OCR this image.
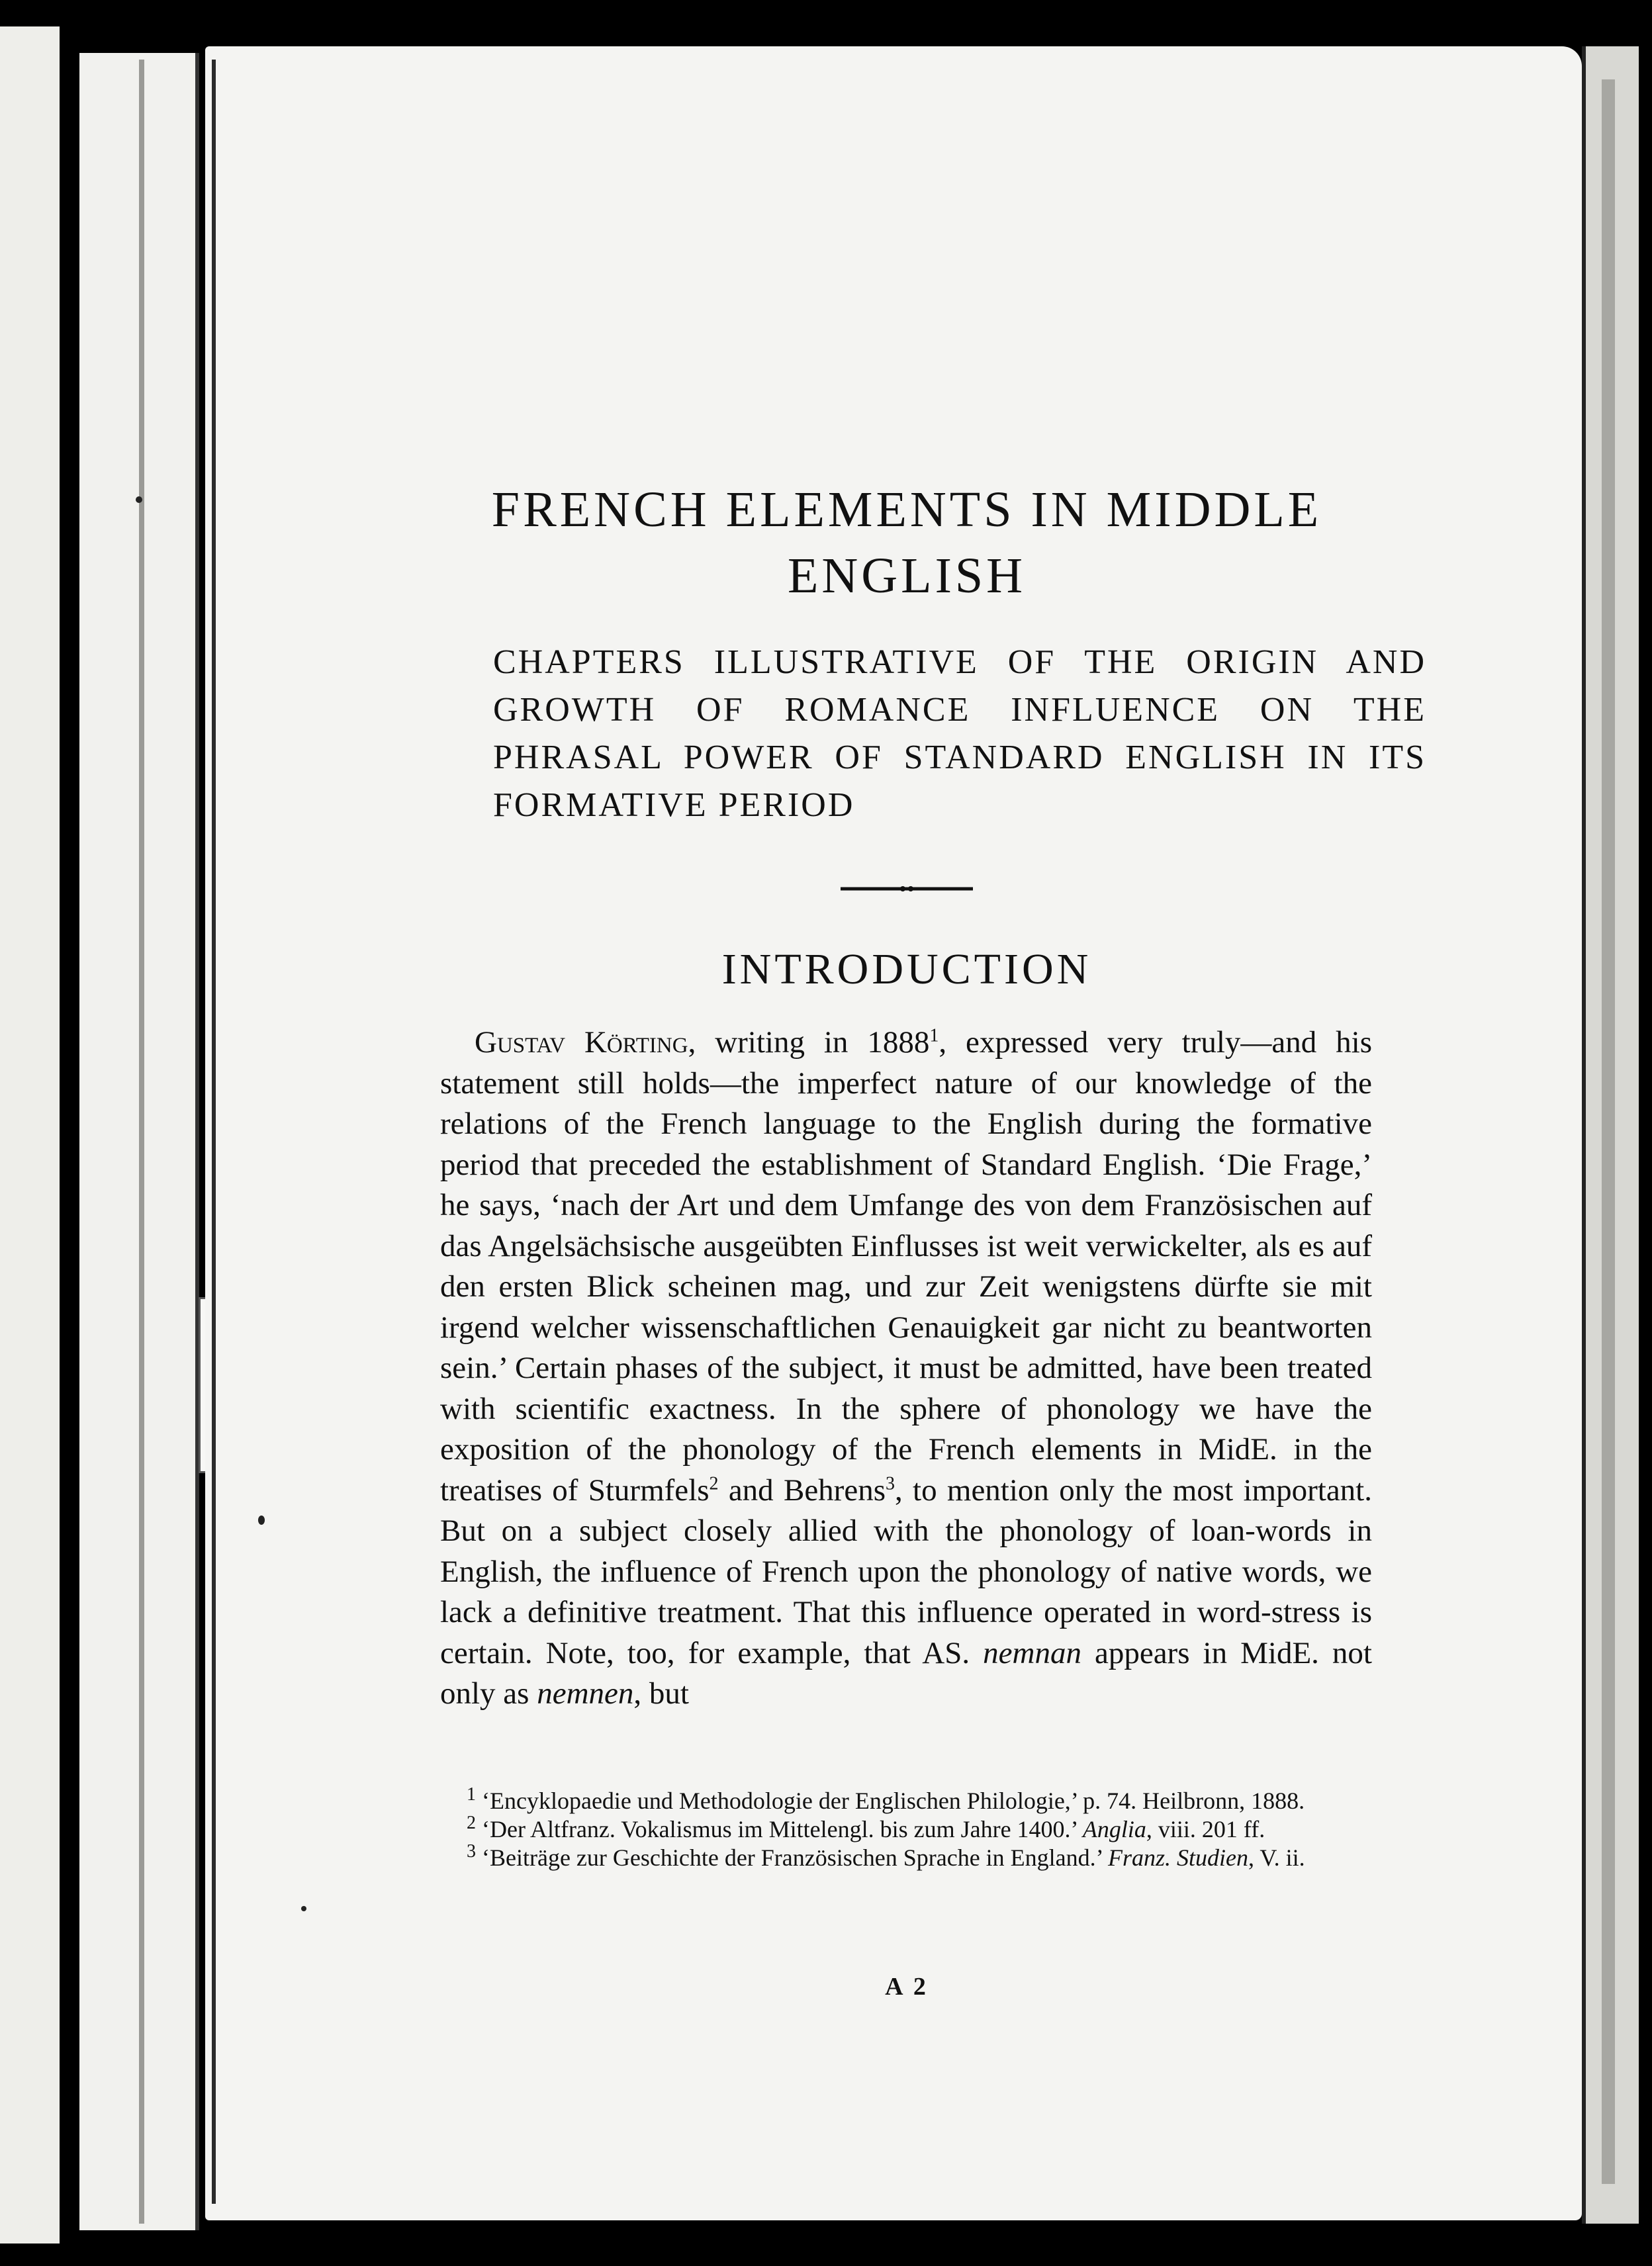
FRENCH ELEMENTS IN MIDDLE ENGLISH

CHAPTERS ILLUSTRATIVE OF THE ORIGIN AND GROWTH OF ROMANCE INFLUENCE ON THE PHRASAL POWER OF STANDARD ENGLISH IN ITS FORMATIVE PERIOD

INTRODUCTION

Gustav Körting, writing in 1888$^1$, expressed very truly—and his statement still holds—the imperfect nature of our knowledge of the relations of the French language to the English during the formative period that preceded the establishment of Standard English. ‘Die Frage,’ he says, ‘nach der Art und dem Umfange des von dem Französischen auf das Angelsächsische ausgeübten Einflusses ist weit verwickelter, als es auf den ersten Blick scheinen mag, und zur Zeit wenigstens dürfte sie mit irgend welcher wissenschaftlichen Genauigkeit gar nicht zu beantworten sein.’ Certain phases of the subject, it must be admitted, have been treated with scientific exactness. In the sphere of phonology we have the exposition of the phonology of the French elements in MidE. in the treatises of Sturmfels$^2$ and Behrens$^3$, to mention only the most important. But on a subject closely allied with the phonology of loan-words in English, the influence of French upon the phonology of native words, we lack a definitive treatment. That this influence operated in word-stress is certain. Note, too, for example, that AS. nemnan appears in MidE. not only as nemnen, but

$^1$ ‘Encyklopaedie und Methodologie der Englischen Philologie,’ p. 74. Heilbronn, 1888.

$^2$ ‘Der Altfranz. Vokalismus im Mittelengl. bis zum Jahre 1400.’ Anglia, viii. 201 ff.

$^3$ ‘Beiträge zur Geschichte der Französischen Sprache in England.’ Franz. Studien, V. ii.

A 2
